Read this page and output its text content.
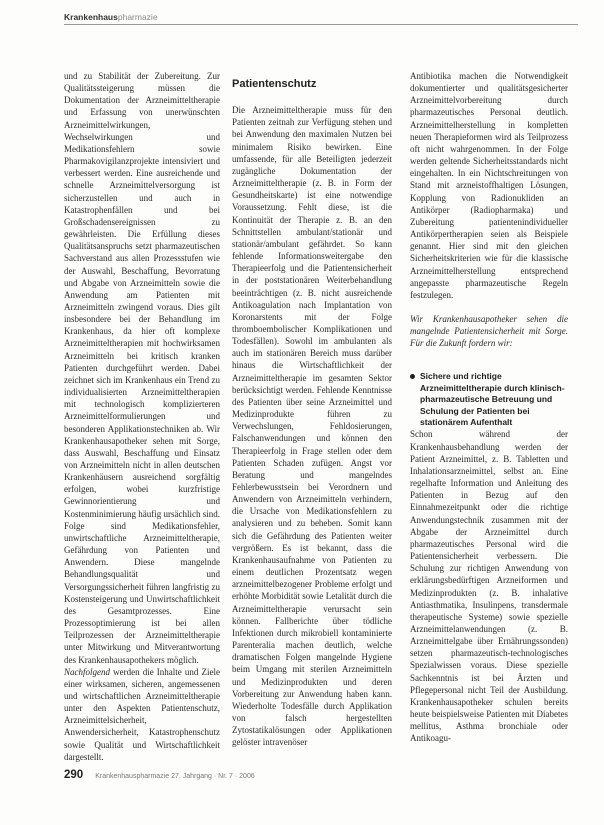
Krankenhauspharmazie

und zu Stabilität der Zubereitung. Zur Qualitätssteigerung müssen die Dokumentation der Arzneimitteltherapie und Erfassung von unerwünschten Arzneimittelwirkungen, Wechselwirkungen und Medikationsfehlern sowie Pharmakovigilanzprojekte intensiviert und verbessert werden. Eine ausreichende und schnelle Arzneimittelversorgung ist sicherzustellen und auch in Katastrophenfällen und bei Großschadensereignissen zu gewährleisten. Die Erfüllung dieses Qualitätsanspruchs setzt pharmazeutischen Sachverstand aus allen Prozessstufen wie der Auswahl, Beschaffung, Bevorratung und Abgabe von Arzneimitteln sowie die Anwendung am Patienten mit Arzneimitteln zwingend voraus. Dies gilt insbesondere bei der Behandlung im Krankenhaus, da hier oft komplexe Arzneimitteltherapien mit hochwirksamen Arzneimitteln bei kritisch kranken Patienten durchgeführt werden. Dabei zeichnet sich im Krankenhaus ein Trend zu individualisierten Arzneimitteltherapien mit technologisch komplizierteren Arzneimittelformulierungen und besonderen Applikationstechniken ab. Wir Krankenhausapotheker sehen mit Sorge, dass Auswahl, Beschaffung und Einsatz von Arzneimitteln nicht in allen deutschen Krankenhäusern ausreichend sorgfältig erfolgen, wobei kurzfristige Gewinnorientierung und Kostenminimierung häufig ursächlich sind. Folge sind Medikationsfehler, unwirtschaftliche Arzneimitteltherapie, Gefährdung von Patienten und Anwendern. Diese mangelnde Behandlungsqualität und Versorgungssicherheit führen langfristig zu Kostensteigerung und Unwirtschaftlichkeit des Gesamtprozesses. Eine Prozessoptimierung ist bei allen Teilprozessen der Arzneimitteltherapie unter Mitwirkung und Mitverantwortung des Krankenhausapothekers möglich.

Nachfolgend werden die Inhalte und Ziele einer wirksamen, sicheren, angemessenen und wirtschaftlichen Arzneimitteltherapie unter den Aspekten Patientenschutz, Arzneimittelsicherheit, Anwendersicherheit, Katastrophenschutz sowie Qualität und Wirtschaftlichkeit dargestellt.

Patientenschutz

Die Arzneimitteltherapie muss für den Patienten zeitnah zur Verfügung stehen und bei Anwendung den maximalen Nutzen bei minimalem Risiko bewirken. Eine umfassende, für alle Beteiligten jederzeit zugängliche Dokumentation der Arzneimitteltherapie (z. B. in Form der Gesundheitskarte) ist eine notwendige Voraussetzung. Fehlt diese, ist die Kontinuität der Therapie z. B. an den Schnittstellen ambulant/stationär und stationär/ambulant gefährdet. So kann fehlende Informationsweitergabe den Therapieerfolg und die Patientensicherheit in der poststationären Weiterbehandlung beeinträchtigen (z. B. nicht ausreichende Antikoagulation nach Implantation von Koronarstents mit der Folge thromboembolischer Komplikationen und Todesfällen). Sowohl im ambulanten als auch im stationären Bereich muss darüber hinaus die Wirtschaftlichkeit der Arzneimitteltherapie im gesamten Sektor berücksichtigt werden. Fehlende Kenntnisse des Patienten über seine Arzneimittel und Medizinprodukte führen zu Verwechslungen, Fehldosierungen, Falschanwendungen und können den Therapieerfolg in Frage stellen oder dem Patienten Schaden zufügen. Angst vor Beratung und mangelndes Fehlerbewusstsein bei Verordnern und Anwendern von Arzneimitteln verhindern, die Ursache von Medikationsfehlern zu analysieren und zu beheben. Somit kann sich die Gefährdung des Patienten weiter vergrößern. Es ist bekannt, dass die Krankenhausaufnahme von Patienten zu einem deutlichen Prozentsatz wegen arzneimittelbezogener Probleme erfolgt und erhöhte Morbidität sowie Letalität durch die Arzneimitteltherapie verursacht sein können. Fallberichte über tödliche Infektionen durch mikrobiell kontaminierte Parenteralia machen deutlich, welche dramatischen Folgen mangelnde Hygiene beim Umgang mit sterilen Arzneimitteln und Medizinprodukten und deren Vorbereitung zur Anwendung haben kann. Wiederholte Todesfälle durch Applikation von falsch hergestellten Zytostatikalösungen oder Applikationen gelöster intravenöser

Antibiotika machen die Notwendigkeit dokumentierter und qualitätsgesicherter Arzneimittelvorbereitung durch pharmazeutisches Personal deutlich. Arzneimittelherstellung in kompletten neuen Therapieformen wird als Teilprozess oft nicht wahrgenommen. In der Folge werden geltende Sicherheitsstandards nicht eingehalten. In ein Nichtschreitungen von Stand mit arzneistoffhaltigen Lösungen, Kopplung von Radionukliden an Antikörper (Radiopharmaka) und Zubereitung patientenindividueller Antikörpertherapien seien als Beispiele genannt. Hier sind mit den gleichen Sicherheitskriterien wie für die klassische Arzneimittelherstellung entsprechend angepasste pharmazeutische Regeln festzulegen.

Wir Krankenhausapotheker sehen die mangelnde Patientensicherheit mit Sorge. Für die Zukunft fordern wir:

Sichere und richtige Arzneimitteltherapie durch klinisch-pharmazeutische Betreuung und Schulung der Patienten bei stationärem Aufenthalt

Schon während der Krankenhausbehandlung werden der Patient Arzneimittel, z. B. Tabletten und Inhalationsarzneimittel, selbst an. Eine regelhafte Information und Anleitung des Patienten in Bezug auf den Einnahmezeitpunkt oder die richtige Anwendungstechnik zusammen mit der Abgabe der Arzneimittel durch pharmazeutisches Personal wird die Patientensicherheit verbessern. Die Schulung zur richtigen Anwendung von erklärungsbedürftigen Arzneiformen und Medizinprodukten (z. B. inhalative Antiasthmatika, Insulinpens, transdermale therapeutische Systeme) sowie spezielle Arzneimittelanwendungen (z. B. Arzneimittelgabe über Ernährungssonden) setzen pharmazeutisch-technologisches Spezialwissen voraus. Diese spezielle Sachkenntnis ist bei Ärzten und Pflegepersonal nicht Teil der Ausbildung. Krankenhausapotheker schulen bereits heute beispielsweise Patienten mit Diabetes mellitus, Asthma bronchiale oder Antikoagu-

290 Krankenhauspharmazie 27. Jahrgang · Nr. 7 · 2006
